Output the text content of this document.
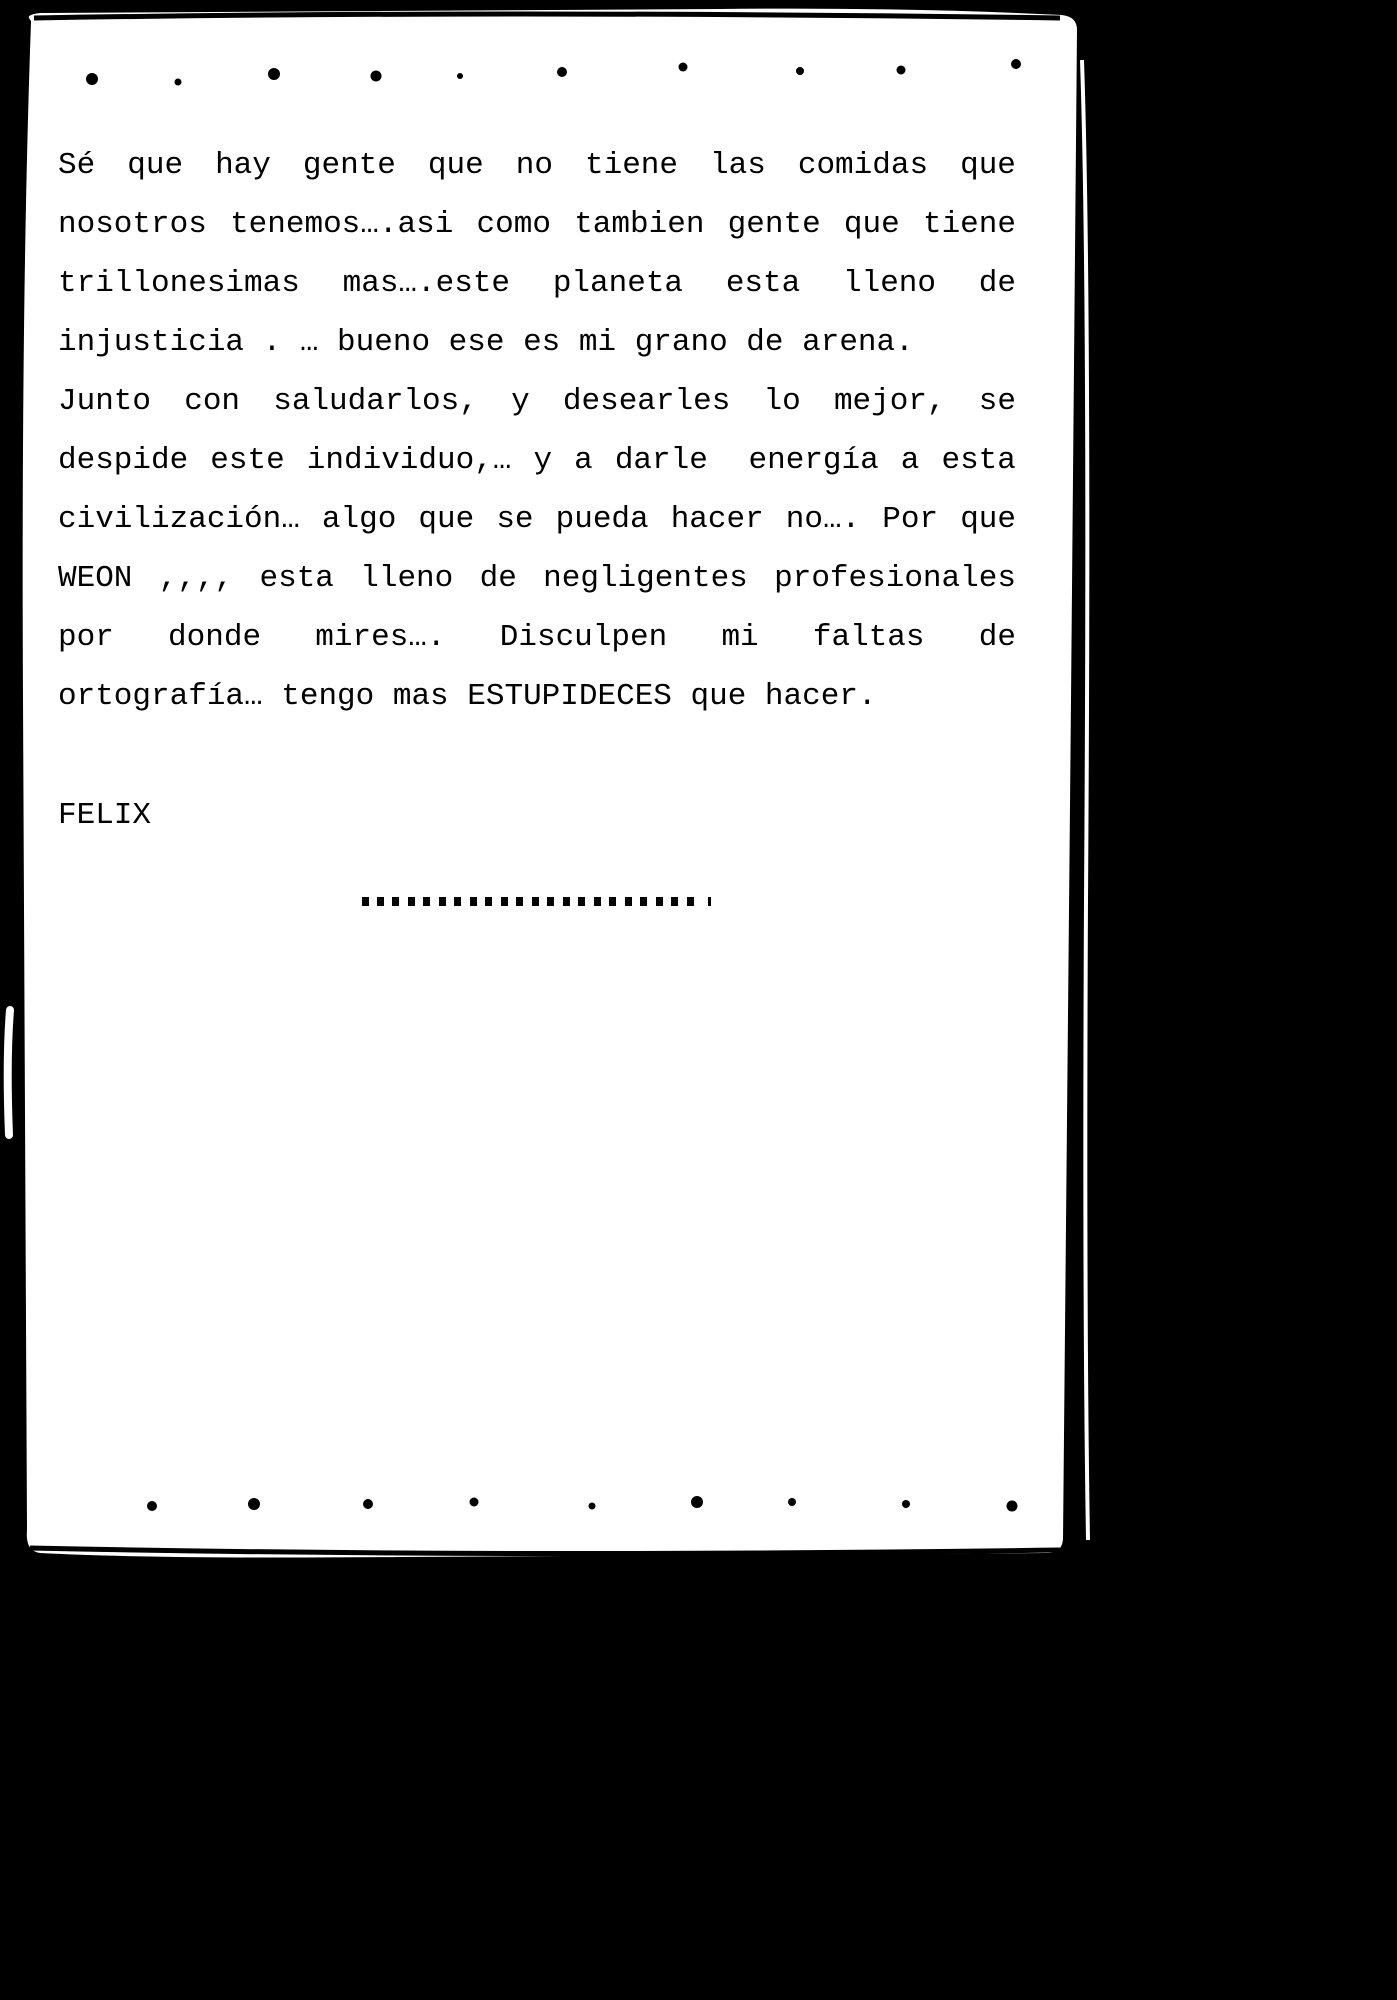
Sé que hay gente que no tiene las comidas que
nosotros tenemos….asi como tambien gente que tiene
trillonesimas mas….este planeta esta lleno de
injusticia . … bueno ese es mi grano de arena.
Junto con saludarlos, y desearles lo mejor, se
despide este individuo,… y a darle energía a esta
civilización… algo que se pueda hacer no…. Por que
WEON ,,,, esta lleno de negligentes profesionales
por donde mires…. Disculpen mi faltas de
ortografía… tengo mas ESTUPIDECES que hacer.
FELIX
